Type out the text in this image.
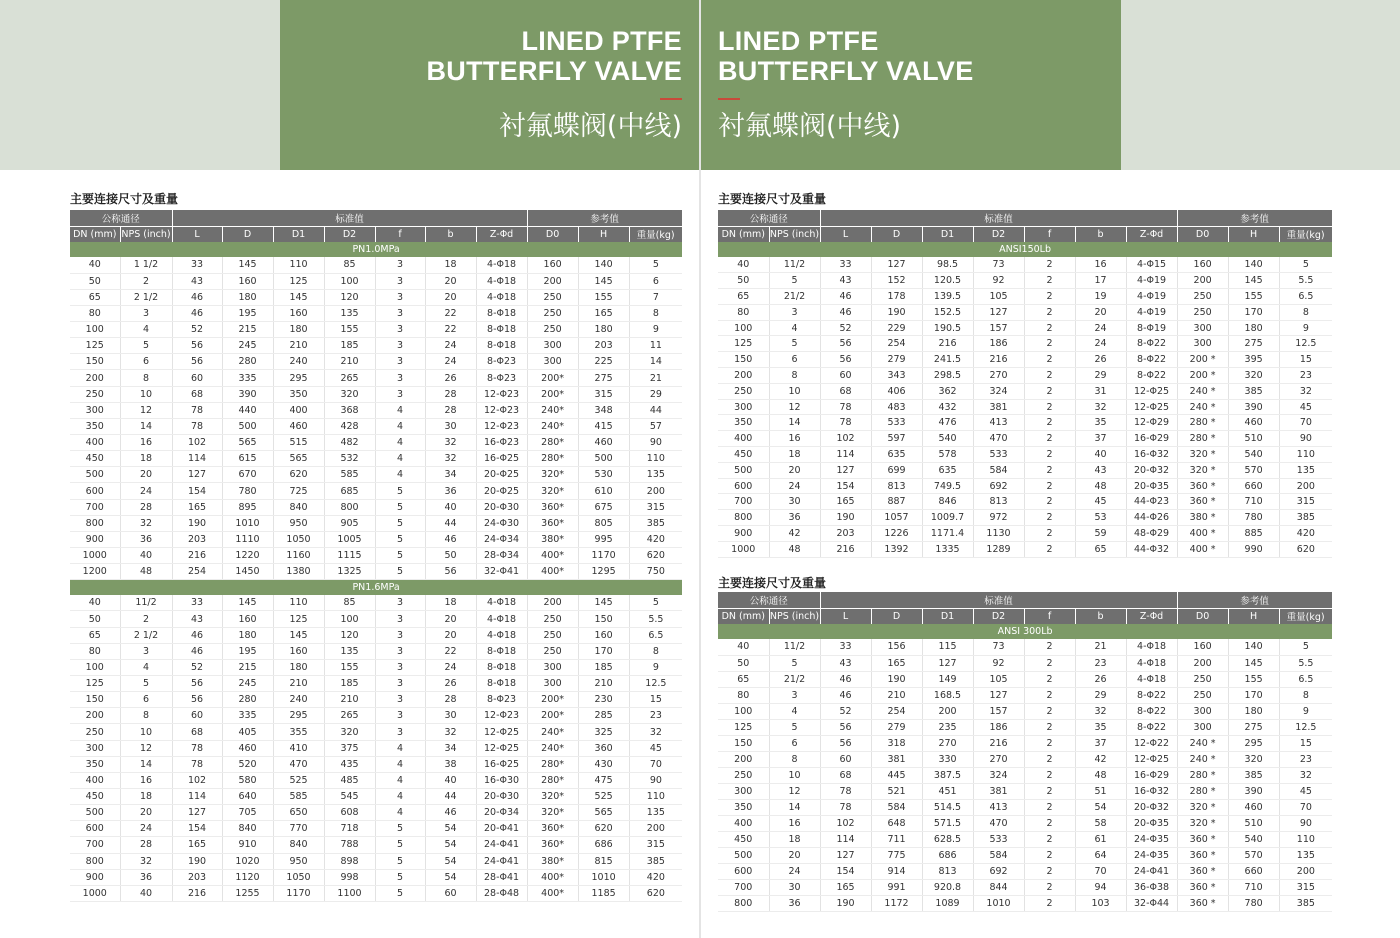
LINED PTFE
BUTTERFLY VALVE
衬氟蝶阀(中线)
LINED PTFE
BUTTERFLY VALVE
衬氟蝶阀(中线)
主要连接尺寸及重量
公称通径		标准值							参考值		
DN (mm)	NPS (inch)	L	D	D1	D2	f	b	Z-Φd	D0	H	重量(kg)
PN1.0MPa											
40	1 1/2	33	145	110	85	3	18	4-Φ18	160	140	5
50	2	43	160	125	100	3	20	4-Φ18	200	145	6
65	2 1/2	46	180	145	120	3	20	4-Φ18	250	155	7
80	3	46	195	160	135	3	22	8-Φ18	250	165	8
100	4	52	215	180	155	3	22	8-Φ18	250	180	9
125	5	56	245	210	185	3	24	8-Φ18	300	203	11
150	6	56	280	240	210	3	24	8-Φ23	300	225	14
200	8	60	335	295	265	3	26	8-Φ23	200*	275	21
250	10	68	390	350	320	3	28	12-Φ23	200*	315	29
300	12	78	440	400	368	4	28	12-Φ23	240*	348	44
350	14	78	500	460	428	4	30	12-Φ23	240*	415	57
400	16	102	565	515	482	4	32	16-Φ23	280*	460	90
450	18	114	615	565	532	4	32	16-Φ25	280*	500	110
500	20	127	670	620	585	4	34	20-Φ25	320*	530	135
600	24	154	780	725	685	5	36	20-Φ25	320*	610	200
700	28	165	895	840	800	5	40	20-Φ30	360*	675	315
800	32	190	1010	950	905	5	44	24-Φ30	360*	805	385
900	36	203	1110	1050	1005	5	46	24-Φ34	380*	995	420
1000	40	216	1220	1160	1115	5	50	28-Φ34	400*	1170	620
1200	48	254	1450	1380	1325	5	56	32-Φ41	400*	1295	750
PN1.6MPa											
40	11/2	33	145	110	85	3	18	4-Φ18	200	145	5
50	2	43	160	125	100	3	20	4-Φ18	250	150	5.5
65	2 1/2	46	180	145	120	3	20	4-Φ18	250	160	6.5
80	3	46	195	160	135	3	22	8-Φ18	250	170	8
100	4	52	215	180	155	3	24	8-Φ18	300	185	9
125	5	56	245	210	185	3	26	8-Φ18	300	210	12.5
150	6	56	280	240	210	3	28	8-Φ23	200*	230	15
200	8	60	335	295	265	3	30	12-Φ23	200*	285	23
250	10	68	405	355	320	3	32	12-Φ25	240*	325	32
300	12	78	460	410	375	4	34	12-Φ25	240*	360	45
350	14	78	520	470	435	4	38	16-Φ25	280*	430	70
400	16	102	580	525	485	4	40	16-Φ30	280*	475	90
450	18	114	640	585	545	4	44	20-Φ30	320*	525	110
500	20	127	705	650	608	4	46	20-Φ34	320*	565	135
600	24	154	840	770	718	5	54	20-Φ41	360*	620	200
700	28	165	910	840	788	5	54	24-Φ41	360*	686	315
800	32	190	1020	950	898	5	54	24-Φ41	380*	815	385
900	36	203	1120	1050	998	5	54	28-Φ41	400*	1010	420
1000	40	216	1255	1170	1100	5	60	28-Φ48	400*	1185	620
主要连接尺寸及重量
公称通径		标准值							参考值		
DN (mm)	NPS (inch)	L	D	D1	D2	f	b	Z-Φd	D0	H	重量(kg)
ANSI150Lb											
40	11/2	33	127	98.5	73	2	16	4-Φ15	160	140	5
50	5	43	152	120.5	92	2	17	4-Φ19	200	145	5.5
65	21/2	46	178	139.5	105	2	19	4-Φ19	250	155	6.5
80	3	46	190	152.5	127	2	20	4-Φ19	250	170	8
100	4	52	229	190.5	157	2	24	8-Φ19	300	180	9
125	5	56	254	216	186	2	24	8-Φ22	300	275	12.5
150	6	56	279	241.5	216	2	26	8-Φ22	200 *	395	15
200	8	60	343	298.5	270	2	29	8-Φ22	200 *	320	23
250	10	68	406	362	324	2	31	12-Φ25	240 *	385	32
300	12	78	483	432	381	2	32	12-Φ25	240 *	390	45
350	14	78	533	476	413	2	35	12-Φ29	280 *	460	70
400	16	102	597	540	470	2	37	16-Φ29	280 *	510	90
450	18	114	635	578	533	2	40	16-Φ32	320 *	540	110
500	20	127	699	635	584	2	43	20-Φ32	320 *	570	135
600	24	154	813	749.5	692	2	48	20-Φ35	360 *	660	200
700	30	165	887	846	813	2	45	44-Φ23	360 *	710	315
800	36	190	1057	1009.7	972	2	53	44-Φ26	380 *	780	385
900	42	203	1226	1171.4	1130	2	59	48-Φ29	400 *	885	420
1000	48	216	1392	1335	1289	2	65	44-Φ32	400 *	990	620
主要连接尺寸及重量
公称通径		标准值							参考值		
DN (mm)	NPS (inch)	L	D	D1	D2	f	b	Z-Φd	D0	H	重量(kg)
ANSI 300Lb											
40	11/2	33	156	115	73	2	21	4-Φ18	160	140	5
50	5	43	165	127	92	2	23	4-Φ18	200	145	5.5
65	21/2	46	190	149	105	2	26	4-Φ18	250	155	6.5
80	3	46	210	168.5	127	2	29	8-Φ22	250	170	8
100	4	52	254	200	157	2	32	8-Φ22	300	180	9
125	5	56	279	235	186	2	35	8-Φ22	300	275	12.5
150	6	56	318	270	216	2	37	12-Φ22	240 *	295	15
200	8	60	381	330	270	2	42	12-Φ25	240 *	320	23
250	10	68	445	387.5	324	2	48	16-Φ29	280 *	385	32
300	12	78	521	451	381	2	51	16-Φ32	280 *	390	45
350	14	78	584	514.5	413	2	54	20-Φ32	320 *	460	70
400	16	102	648	571.5	470	2	58	20-Φ35	320 *	510	90
450	18	114	711	628.5	533	2	61	24-Φ35	360 *	540	110
500	20	127	775	686	584	2	64	24-Φ35	360 *	570	135
600	24	154	914	813	692	2	70	24-Φ41	360 *	660	200
700	30	165	991	920.8	844	2	94	36-Φ38	360 *	710	315
800	36	190	1172	1089	1010	2	103	32-Φ44	360 *	780	385
